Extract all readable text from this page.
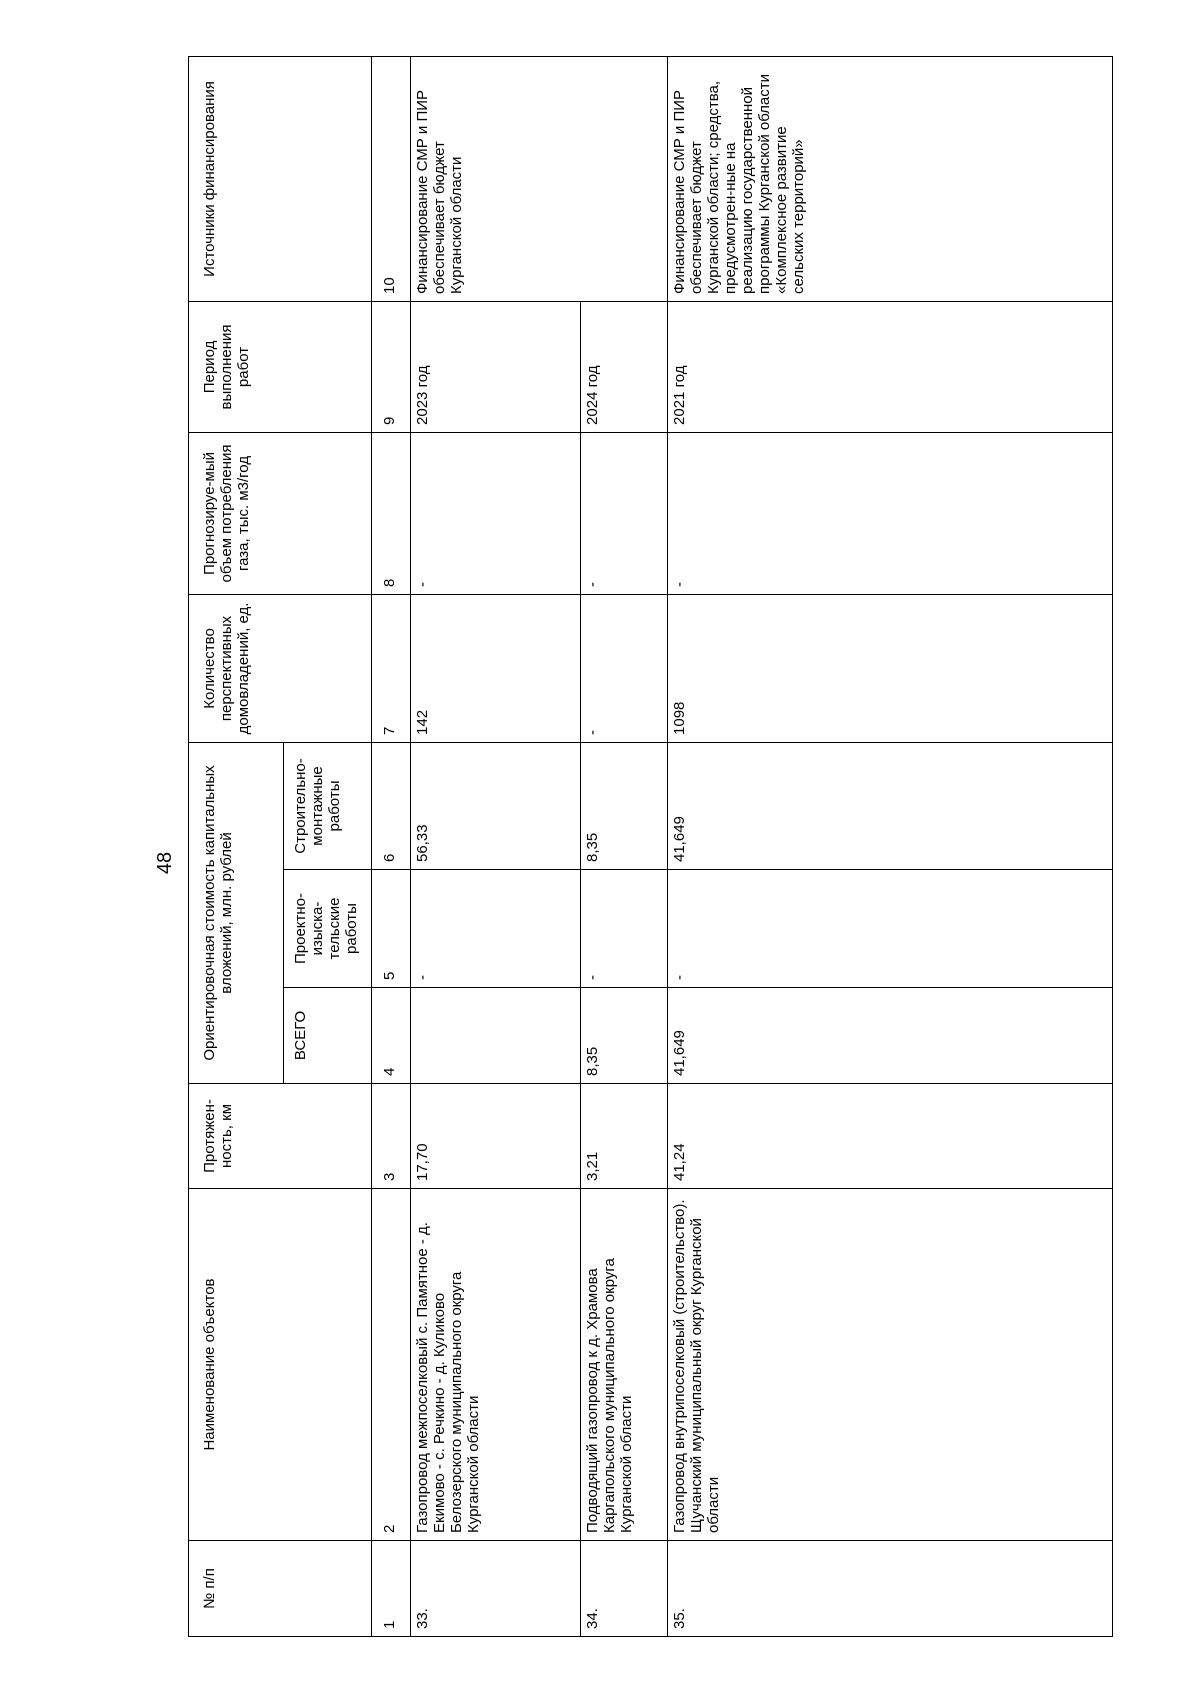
48
№ п/п	Наименование объектов	Протяжен-ность, км	Ориентировочная стоимость капитальных вложений, млн. рублей			Количество перспективных домовладений, ед.	Прогнозируе-мый объем потребления газа, тыс. м3/год	Период выполнения работ	Источники финансирования
			ВСЕГО	Проектно-изыска-тельские работы	Строительно-монтажные работы				
1	2	3	4	5	6	7	8	9	10
33.	Газопровод межпоселковый с. Памятное - д. Екимово - с. Речкино - д. Куликово Белозерского муниципального округа Курганской области	17,70		-	56,33	142	-	2023 год	Финансирование СМР и ПИР обеспечивает бюджет Курганской области
34.	Подводящий газопровод к д. Храмова Каргапольского муниципального округа Курганской области	3,21	8,35	-	8,35	-	-	2024 год	
35.	Газопровод внутрипоселковый (строительство). Щучанский муниципальный округ Курганской области	41,24	41,649	-	41,649	1098	-	2021 год	Финансирование СМР и ПИР обеспечивает бюджет Курганской области; средства, предусмотрен-ные на реализацию государственной программы Курганской области «Комплексное развитие сельских территорий»
